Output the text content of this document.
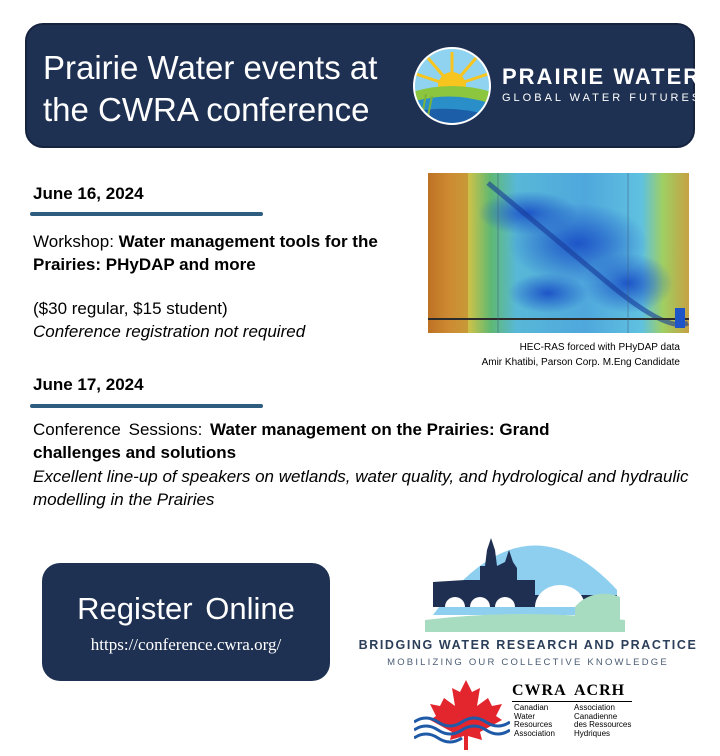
Prairie Water events at
the CWRA conference
PRAIRIE WATER
GLOBAL WATER FUTURES
June 16, 2024
Workshop: Water management tools for the Prairies: PHyDAP and more
($30 regular, $15 student)
Conference registration not required
HEC-RAS forced with PHyDAP data
Amir Khatibi, Parson Corp. M.Eng Candidate
June 17, 2024
Conference Sessions: Water management on the Prairies: Grand challenges and solutions
Excellent line-up of speakers on wetlands, water quality, and hydrological and hydraulic modelling in the Prairies
Register Online
https://conference.cwra.org/	BRIDGING WATER RESEARCH AND PRACTICE
MOBILIZING OUR COLLECTIVE KNOWLEDGE
CWRA ACRH
Canadian
Water
Resources
Association
Association
Canadienne
des Ressources
Hydriques
